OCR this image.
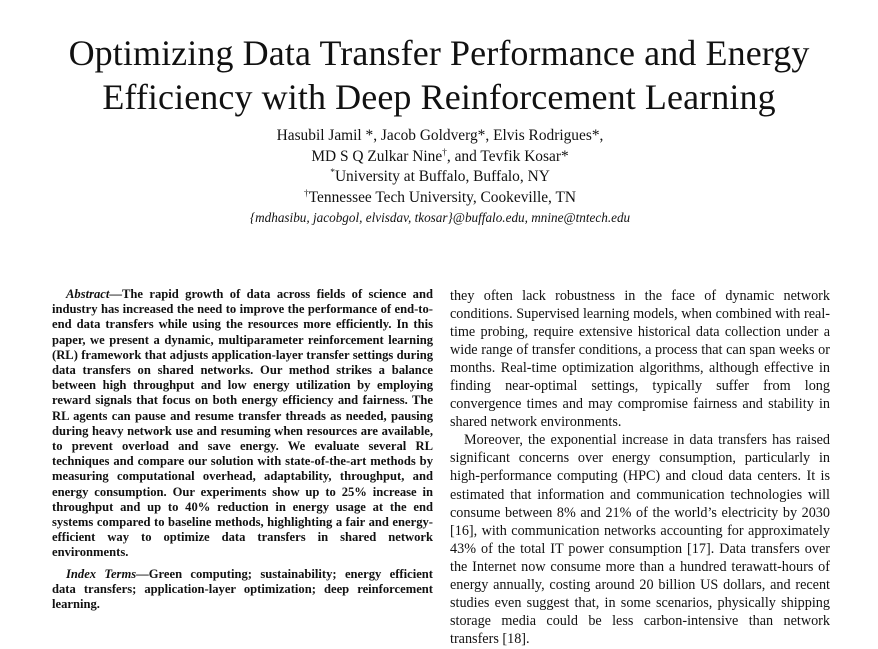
Optimizing Data Transfer Performance and Energy Efficiency with Deep Reinforcement Learning
Hasubil Jamil *, Jacob Goldverg*, Elvis Rodrigues*,
MD S Q Zulkar Nine†, and Tevfik Kosar*
*University at Buffalo, Buffalo, NY
†Tennessee Tech University, Cookeville, TN
{mdhasibu, jacobgol, elvisdav, tkosar}@buffalo.edu, mnine@tntech.edu

Abstract—The rapid growth of data across fields of science and industry has increased the need to improve the performance of end-to-end data transfers while using the resources more efficiently. In this paper, we present a dynamic, multiparameter reinforcement learning (RL) framework that adjusts application-layer transfer settings during data transfers on shared networks. Our method strikes a balance between high throughput and low energy utilization by employing reward signals that focus on both energy efficiency and fairness. The RL agents can pause and resume transfer threads as needed, pausing during heavy network use and resuming when resources are available, to prevent overload and save energy. We evaluate several RL techniques and compare our solution with state-of-the-art methods by measuring computational overhead, adaptability, throughput, and energy consumption. Our experiments show up to 25% increase in throughput and up to 40% reduction in energy usage at the end systems compared to baseline methods, highlighting a fair and energy-efficient way to optimize data transfers in shared network environments.

Index Terms—Green computing; sustainability; energy efficient data transfers; application-layer optimization; deep reinforcement learning.

they often lack robustness in the face of dynamic network conditions. Supervised learning models, when combined with real-time probing, require extensive historical data collection under a wide range of transfer conditions, a process that can span weeks or months. Real-time optimization algorithms, although effective in finding near-optimal settings, typically suffer from long convergence times and may compromise fairness and stability in shared network environments.

Moreover, the exponential increase in data transfers has raised significant concerns over energy consumption, particularly in high-performance computing (HPC) and cloud data centers. It is estimated that information and communication technologies will consume between 8% and 21% of the world’s electricity by 2030 [16], with communication networks accounting for approximately 43% of the total IT power consumption [17]. Data transfers over the Internet now consume more than a hundred terawatt-hours of energy annually, costing around 20 billion US dollars, and recent studies even suggest that, in some scenarios, physically shipping storage media could be less carbon-intensive than network transfers [18].
